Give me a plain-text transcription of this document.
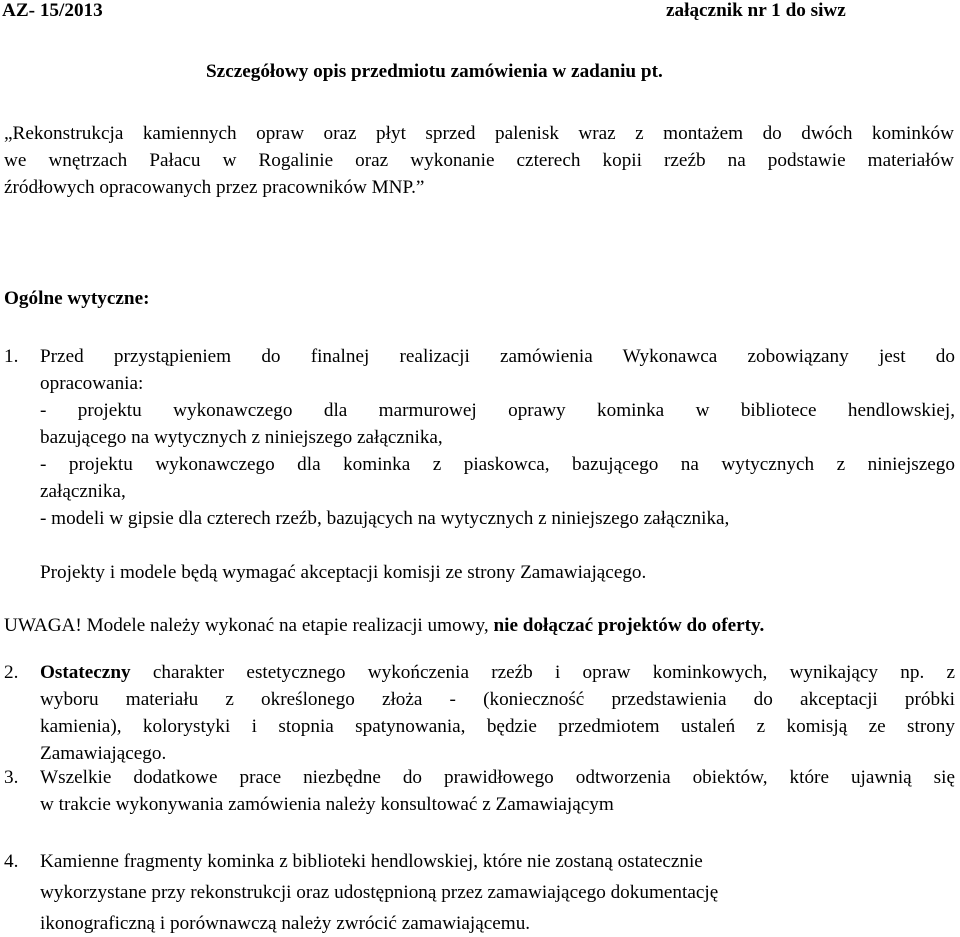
AZ- 15/2013	załącznik nr 1 do siwz
Szczegółowy opis przedmiotu zamówienia w zadaniu pt.
„Rekonstrukcja kamiennych opraw oraz płyt sprzed palenisk wraz z montażem do dwóch kominków
we wnętrzach Pałacu w Rogalinie oraz wykonanie czterech kopii rzeźb na podstawie materiałów
źródłowych opracowanych przez pracowników MNP.”
Ogólne wytyczne:
1. Przed przystąpieniem do finalnej realizacji zamówienia Wykonawca zobowiązany jest do
opracowania:
- projektu wykonawczego dla marmurowej oprawy kominka w bibliotece hendlowskiej,
bazującego na wytycznych z niniejszego załącznika,
- projektu wykonawczego dla kominka z piaskowca, bazującego na wytycznych z niniejszego
załącznika,
- modeli w gipsie dla czterech rzeźb, bazujących na wytycznych z niniejszego załącznika,
Projekty i modele będą wymagać akceptacji komisji ze strony Zamawiającego.
UWAGA! Modele należy wykonać na etapie realizacji umowy, nie dołączać projektów do oferty.
2. Ostateczny charakter estetycznego wykończenia rzeźb i opraw kominkowych, wynikający np. z
wyboru materiału z określonego złoża - (konieczność przedstawienia do akceptacji próbki
kamienia), kolorystyki i stopnia spatynowania, będzie przedmiotem ustaleń z komisją ze strony
Zamawiającego.
3. Wszelkie dodatkowe prace niezbędne do prawidłowego odtworzenia obiektów, które ujawnią się
w trakcie wykonywania zamówienia należy konsultować z Zamawiającym
4. Kamienne fragmenty kominka z biblioteki hendlowskiej, które nie zostaną ostatecznie
wykorzystane przy rekonstrukcji oraz udostępnioną przez zamawiającego dokumentację
ikonograficzną i porównawczą należy zwrócić zamawiającemu.
